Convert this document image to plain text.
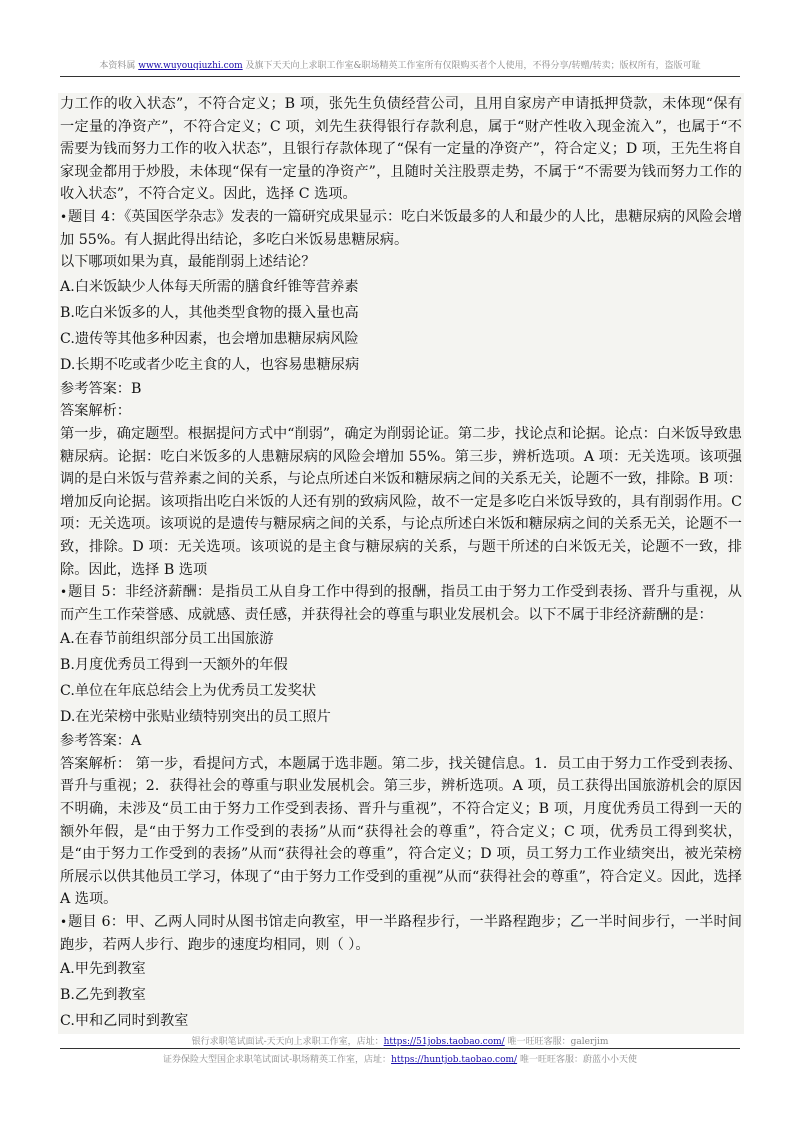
本资料属 www.wuyouqiuzhi.com 及旗下天天向上求职工作室&职场精英工作室所有仅限购买者个人使用，不得分享/转赠/转卖；版权所有，盗版可耻

力工作的收入状态”，不符合定义；B 项，张先生负债经营公司，且用自家房产申请抵押贷款，未体现“保有一定量的净资产”，不符合定义；C 项，刘先生获得银行存款利息，属于“财产性收入现金流入”，也属于“不需要为钱而努力工作的收入状态”，且银行存款体现了“保有一定量的净资产”，符合定义；D 项，王先生将自家现金都用于炒股，未体现“保有一定量的净资产”，且随时关注股票走势，不属于“不需要为钱而努力工作的收入状态”，不符合定义。因此，选择 C 选项。

•题目 4：《英国医学杂志》发表的一篇研究成果显示：吃白米饭最多的人和最少的人比，患糖尿病的风险会增加 55%。有人据此得出结论，多吃白米饭易患糖尿病。

以下哪项如果为真，最能削弱上述结论？

A.白米饭缺少人体每天所需的膳食纤锥等营养素

B.吃白米饭多的人，其他类型食物的摄入量也高

C.遗传等其他多种因素，也会增加患糖尿病风险

D.长期不吃或者少吃主食的人，也容易患糖尿病

参考答案：B

答案解析：

第一步，确定题型。根据提问方式中“削弱”，确定为削弱论证。第二步，找论点和论据。论点：白米饭导致患糖尿病。论据：吃白米饭多的人患糖尿病的风险会增加 55%。第三步，辨析选项。A 项：无关选项。该项强调的是白米饭与营养素之间的关系，与论点所述白米饭和糖尿病之间的关系无关，论题不一致，排除。B 项：增加反向论据。该项指出吃白米饭的人还有别的致病风险，故不一定是多吃白米饭导致的，具有削弱作用。C 项：无关选项。该项说的是遗传与糖尿病之间的关系，与论点所述白米饭和糖尿病之间的关系无关，论题不一致，排除。D 项：无关选项。该项说的是主食与糖尿病的关系，与题干所述的白米饭无关，论题不一致，排除。因此，选择 B 选项

•题目 5：非经济薪酬：是指员工从自身工作中得到的报酬，指员工由于努力工作受到表扬、晋升与重视，从而产生工作荣誉感、成就感、责任感，并获得社会的尊重与职业发展机会。以下不属于非经济薪酬的是：

A.在春节前组织部分员工出国旅游

B.月度优秀员工得到一天额外的年假

C.单位在年底总结会上为优秀员工发奖状

D.在光荣榜中张贴业绩特别突出的员工照片

参考答案：A

答案解析： 第一步，看提问方式，本题属于选非题。第二步，找关键信息。1．员工由于努力工作受到表扬、晋升与重视；2．获得社会的尊重与职业发展机会。第三步，辨析选项。A 项，员工获得出国旅游机会的原因不明确，未涉及“员工由于努力工作受到表扬、晋升与重视”，不符合定义；B 项，月度优秀员工得到一天的额外年假，是“由于努力工作受到的表扬”从而“获得社会的尊重”，符合定义；C 项，优秀员工得到奖状，是“由于努力工作受到的表扬”从而“获得社会的尊重”，符合定义；D 项，员工努力工作业绩突出，被光荣榜所展示以供其他员工学习，体现了“由于努力工作受到的重视”从而“获得社会的尊重”，符合定义。因此，选择 A 选项。

•题目 6：甲、乙两人同时从图书馆走向教室，甲一半路程步行，一半路程跑步；乙一半时间步行，一半时间跑步，若两人步行、跑步的速度均相同，则（ ）。

A.甲先到教室

B.乙先到教室

C.甲和乙同时到教室

银行求职笔试面试-天天向上求职工作室，店址：https://51jobs.taobao.com/ 唯一旺旺客服：galerjim
证券保险大型国企求职笔试面试-职场精英工作室，店址：https://huntjob.taobao.com/ 唯一旺旺客服：蔚蓝小小天使
